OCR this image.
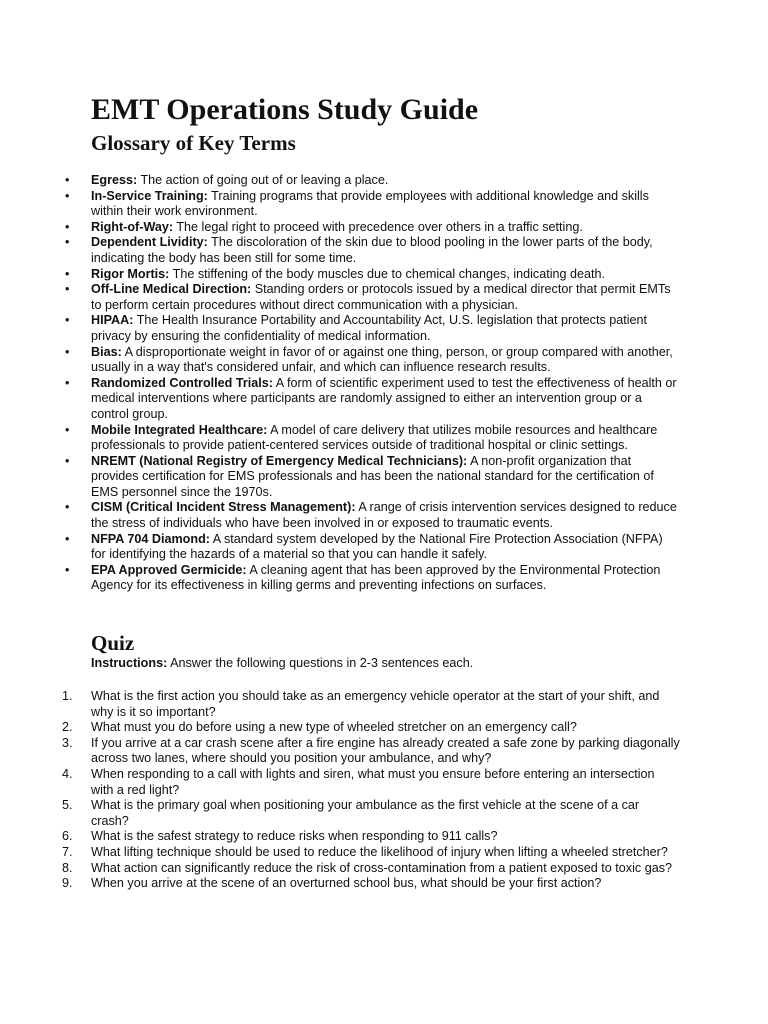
EMT Operations Study Guide
Glossary of Key Terms
• Egress: The action of going out of or leaving a place.
• In-Service Training: Training programs that provide employees with additional knowledge and skills within their work environment.
• Right-of-Way: The legal right to proceed with precedence over others in a traffic setting.
• Dependent Lividity: The discoloration of the skin due to blood pooling in the lower parts of the body, indicating the body has been still for some time.
• Rigor Mortis: The stiffening of the body muscles due to chemical changes, indicating death.
• Off-Line Medical Direction: Standing orders or protocols issued by a medical director that permit EMTs to perform certain procedures without direct communication with a physician.
• HIPAA: The Health Insurance Portability and Accountability Act, U.S. legislation that protects patient privacy by ensuring the confidentiality of medical information.
• Bias: A disproportionate weight in favor of or against one thing, person, or group compared with another, usually in a way that's considered unfair, and which can influence research results.
• Randomized Controlled Trials: A form of scientific experiment used to test the effectiveness of health or medical interventions where participants are randomly assigned to either an intervention group or a control group.
• Mobile Integrated Healthcare: A model of care delivery that utilizes mobile resources and healthcare professionals to provide patient-centered services outside of traditional hospital or clinic settings.
• NREMT (National Registry of Emergency Medical Technicians): A non-profit organization that provides certification for EMS professionals and has been the national standard for the certification of EMS personnel since the 1970s.
• CISM (Critical Incident Stress Management): A range of crisis intervention services designed to reduce the stress of individuals who have been involved in or exposed to traumatic events.
• NFPA 704 Diamond: A standard system developed by the National Fire Protection Association (NFPA) for identifying the hazards of a material so that you can handle it safely.
• EPA Approved Germicide: A cleaning agent that has been approved by the Environmental Protection Agency for its effectiveness in killing germs and preventing infections on surfaces.
Quiz

Instructions: Answer the following questions in 2-3 sentences each.

1.	What is the first action you should take as an emergency vehicle operator at the start of your shift, and why is it so important?
2.	What must you do before using a new type of wheeled stretcher on an emergency call?
3.	If you arrive at a car crash scene after a fire engine has already created a safe zone by parking diagonally across two lanes, where should you position your ambulance, and why?
4.	When responding to a call with lights and siren, what must you ensure before entering an intersection with a red light?
5.	What is the primary goal when positioning your ambulance as the first vehicle at the scene of a car crash?
6.	What is the safest strategy to reduce risks when responding to 911 calls?
7.	What lifting technique should be used to reduce the likelihood of injury when lifting a wheeled stretcher?
8.	What action can significantly reduce the risk of cross-contamination from a patient exposed to toxic gas?
9.	When you arrive at the scene of an overturned school bus, what should be your first action?
